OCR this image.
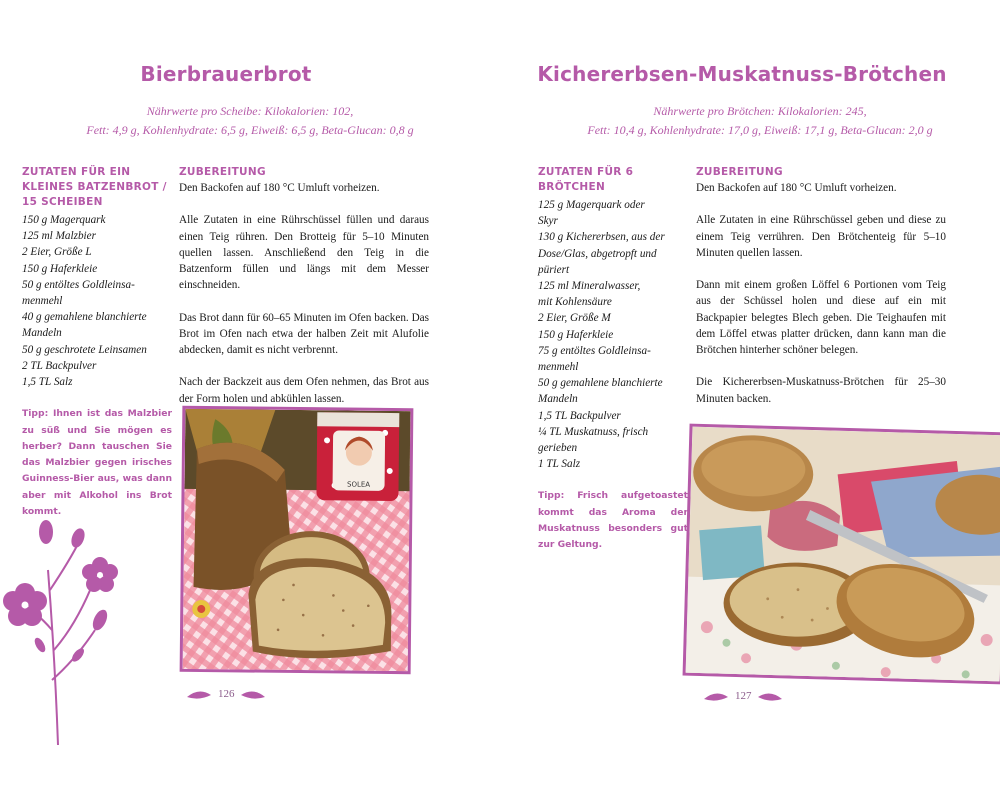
Bierbrauerbrot
Nährwerte pro Scheibe: Kilokalorien: 102,
Fett: 4,9 g, Kohlenhydrate: 6,5 g, Eiweiß: 6,5 g, Beta-Glucan: 0,8 g
ZUTATEN FÜR EIN KLEINES BATZENBROT / 15 SCHEIBEN
150 g Magerquark
125 ml Malzbier
2 Eier, Größe L
150 g Haferkleie
50 g entöltes Goldleinsa-
menmehl
40 g gemahlene blanchierte
Mandeln
50 g geschrotete Leinsamen
2 TL Backpulver
1,5 TL Salz
Tipp: Ihnen ist das Malzbier zu süß und Sie mögen es herber? Dann tauschen Sie das Malzbier gegen irisches Guinness-Bier aus, was dann aber mit Alkohol ins Brot kommt.
ZUBEREITUNG

Den Backofen auf 180 °C Umluft vorheizen.

Alle Zutaten in eine Rührschüssel füllen und daraus einen Teig rühren. Den Brotteig für 5–10 Minuten quellen lassen. Anschließend den Teig in die Batzenform füllen und längs mit dem Messer einschneiden.

Das Brot dann für 60–65 Minuten im Ofen backen. Das Brot im Ofen nach etwa der halben Zeit mit Alufolie abdecken, damit es nicht verbrennt.

Nach der Backzeit aus dem Ofen nehmen, das Brot aus der Form holen und abkühlen lassen.

SOLEA
126
Kichererbsen-Muskatnuss-Brötchen
Nährwerte pro Brötchen: Kilokalorien: 245,
Fett: 10,4 g, Kohlenhydrate: 17,0 g, Eiweiß: 17,1 g, Beta-Glucan: 2,0 g
ZUTATEN FÜR 6 BRÖTCHEN
125 g Magerquark oder
Skyr
130 g Kichererbsen, aus der
Dose/Glas, abgetropft und
püriert
125 ml Mineralwasser,
mit Kohlensäure
2 Eier, Größe M
150 g Haferkleie
75 g entöltes Goldleinsa-
menmehl
50 g gemahlene blanchierte
Mandeln
1,5 TL Backpulver
¼ TL Muskatnuss, frisch
gerieben
1 TL Salz
Tipp: Frisch aufgetoastet kommt das Aroma der Muskatnuss besonders gut zur Geltung.
ZUBEREITUNG

Den Backofen auf 180 °C Umluft vorheizen.

Alle Zutaten in eine Rührschüssel geben und diese zu einem Teig verrühren. Den Brötchenteig für 5–10 Minuten quellen lassen.

Dann mit einem großen Löffel 6 Portionen vom Teig aus der Schüssel holen und diese auf ein mit Backpapier belegtes Blech geben. Die Teighaufen mit dem Löffel etwas platter drücken, dann kann man die Brötchen hinterher schöner belegen.

Die Kichererbsen-Muskatnuss-Brötchen für 25–30 Minuten backen.

127
